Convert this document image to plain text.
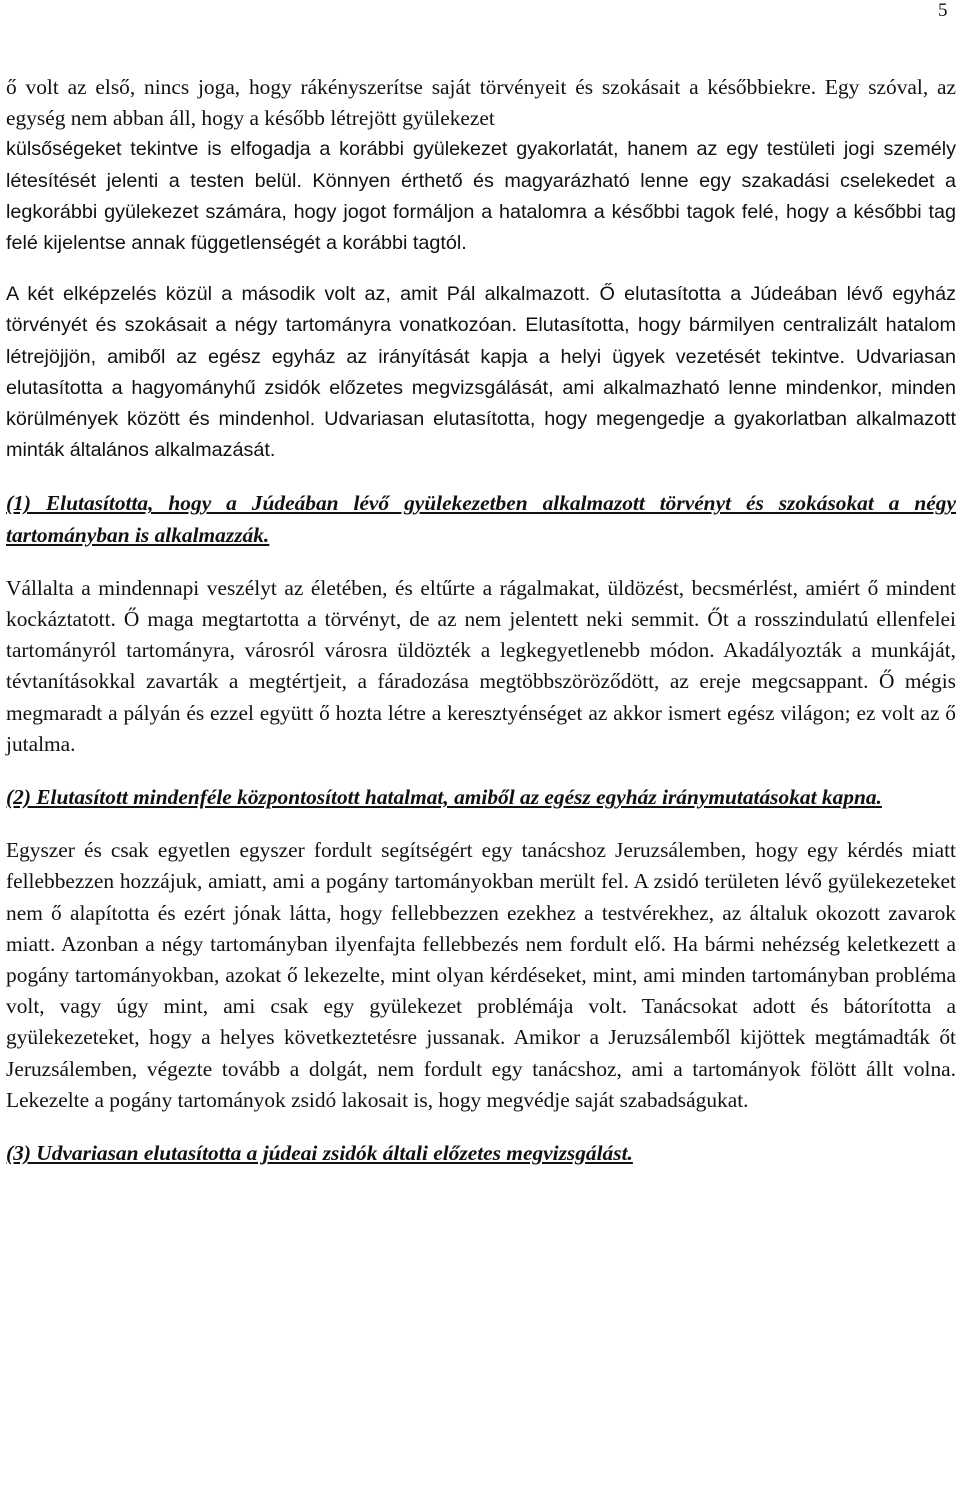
5

ő volt az első, nincs joga, hogy rákényszerítse saját törvényeit és szokásait a későbbiekre. Egy szóval, az egység nem abban áll, hogy a később létrejött gyülekezet

külsőségeket tekintve is elfogadja a korábbi gyülekezet gyakorlatát, hanem az egy testületi jogi személy létesítését jelenti a testen belül. Könnyen érthető és magyarázható lenne egy szakadási cselekedet a legkorábbi gyülekezet számára, hogy jogot formáljon a hatalomra a későbbi tagok felé, hogy a későbbi tag felé kijelentse annak függetlenségét a korábbi tagtól.

A két elképzelés közül a második volt az, amit Pál alkalmazott. Ő elutasította a Júdeában lévő egyház törvényét és szokásait a négy tartományra vonatkozóan. Elutasította, hogy bármilyen centralizált hatalom létrejöjjön, amiből az egész egyház az irányítását kapja a helyi ügyek vezetését tekintve. Udvariasan elutasította a hagyományhű zsidók előzetes megvizsgálását, ami alkalmazható lenne mindenkor, minden körülmények között és mindenhol. Udvariasan elutasította, hogy megengedje a gyakorlatban alkalmazott minták általános alkalmazását.

(1) Elutasította, hogy a Júdeában lévő gyülekezetben alkalmazott törvényt és szokásokat a négy tartományban is alkalmazzák.

Vállalta a mindennapi veszélyt az életében, és eltűrte a rágalmakat, üldözést, becsmérlést, amiért ő mindent kockáztatott. Ő maga megtartotta a törvényt, de az nem jelentett neki semmit. Őt a rosszindulatú ellenfelei tartományról tartományra, városról városra üldözték a legkegyetlenebb módon. Akadályozták a munkáját, tévtanításokkal zavarták a megtértjeit, a fáradozása megtöbbszöröződött, az ereje megcsappant. Ő mégis megmaradt a pályán és ezzel együtt ő hozta létre a keresztyénséget az akkor ismert egész világon; ez volt az ő jutalma.

(2) Elutasított mindenféle központosított hatalmat, amiből az egész egyház iránymutatásokat kapna.

Egyszer és csak egyetlen egyszer fordult segítségért egy tanácshoz Jeruzsálemben, hogy egy kérdés miatt fellebbezzen hozzájuk, amiatt, ami a pogány tartományokban merült fel. A zsidó területen lévő gyülekezeteket nem ő alapította és ezért jónak látta, hogy fellebbezzen ezekhez a testvérekhez, az általuk okozott zavarok miatt. Azonban a négy tartományban ilyenfajta fellebbezés nem fordult elő. Ha bármi nehézség keletkezett a pogány tartományokban, azokat ő lekezelte, mint olyan kérdéseket, mint, ami minden tartományban probléma volt, vagy úgy mint, ami csak egy gyülekezet problémája volt. Tanácsokat adott és bátorította a gyülekezeteket, hogy a helyes következtetésre jussanak. Amikor a Jeruzsálemből kijöttek megtámadták őt Jeruzsálemben, végezte tovább a dolgát, nem fordult egy tanácshoz, ami a tartományok fölött állt volna. Lekezelte a pogány tartományok zsidó lakosait is, hogy megvédje saját szabadságukat.

(3) Udvariasan elutasította a júdeai zsidók általi előzetes megvizsgálást.
